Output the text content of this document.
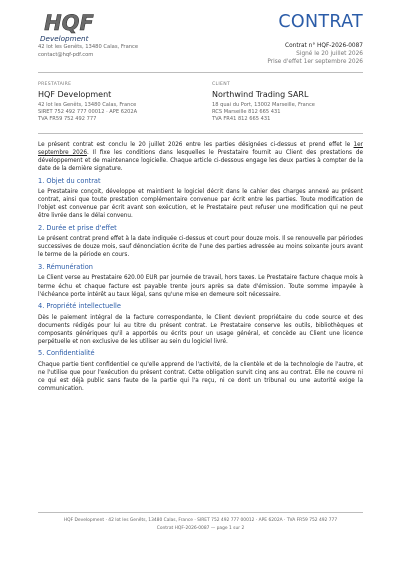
HQF
Development
42 lot les Genêts, 13480 Calas, France
contact@hqf-pdf.com
CONTRAT
Contrat n° HQF-2026-0087
Signé le 20 juillet 2026
Prise d'effet 1er septembre 2026
PRESTATAIRE
HQF Development
42 lot les Genêts, 13480 Calas, France
SIRET 752 492 777 00012 · APE 6202A
TVA FR59 752 492 777
CLIENT
Northwind Trading SARL
18 quai du Port, 13002 Marseille, France
RCS Marseille 812 665 431
TVA FR41 812 665 431

Le présent contrat est conclu le 20 juillet 2026 entre les parties désignées ci-dessus et prend effet le 1er septembre 2026. Il fixe les conditions dans lesquelles le Prestataire fournit au Client des prestations de développement et de maintenance logicielle. Chaque article ci-dessous engage les deux parties à compter de la date de la dernière signature.

1. Objet du contrat

Le Prestataire conçoit, développe et maintient le logiciel décrit dans le cahier des charges annexé au présent contrat, ainsi que toute prestation complémentaire convenue par écrit entre les parties. Toute modification de l'objet est convenue par écrit avant son exécution, et le Prestataire peut refuser une modification qui ne peut être livrée dans le délai convenu.

2. Durée et prise d'effet

Le présent contrat prend effet à la date indiquée ci-dessus et court pour douze mois. Il se renouvelle par périodes successives de douze mois, sauf dénonciation écrite de l'une des parties adressée au moins soixante jours avant le terme de la période en cours.

3. Rémunération

Le Client verse au Prestataire 620.00 EUR par journée de travail, hors taxes. Le Prestataire facture chaque mois à terme échu et chaque facture est payable trente jours après sa date d'émission. Toute somme impayée à l'échéance porte intérêt au taux légal, sans qu'une mise en demeure soit nécessaire.

4. Propriété intellectuelle

Dès le paiement intégral de la facture correspondante, le Client devient propriétaire du code source et des documents rédigés pour lui au titre du présent contrat. Le Prestataire conserve les outils, bibliothèques et composants génériques qu'il a apportés ou écrits pour un usage général, et concède au Client une licence perpétuelle et non exclusive de les utiliser au sein du logiciel livré.

5. Confidentialité

Chaque partie tient confidentiel ce qu'elle apprend de l'activité, de la clientèle et de la technologie de l'autre, et ne l'utilise que pour l'exécution du présent contrat. Cette obligation survit cinq ans au contrat. Elle ne couvre ni ce qui est déjà public sans faute de la partie qui l'a reçu, ni ce dont un tribunal ou une autorité exige la communication.

HQF Development · 42 lot les Genêts, 13480 Calas, France · SIRET 752 492 777 00012 · APE 6202A · TVA FR59 752 492 777
Contrat HQF-2026-0087 — page 1 sur 2
